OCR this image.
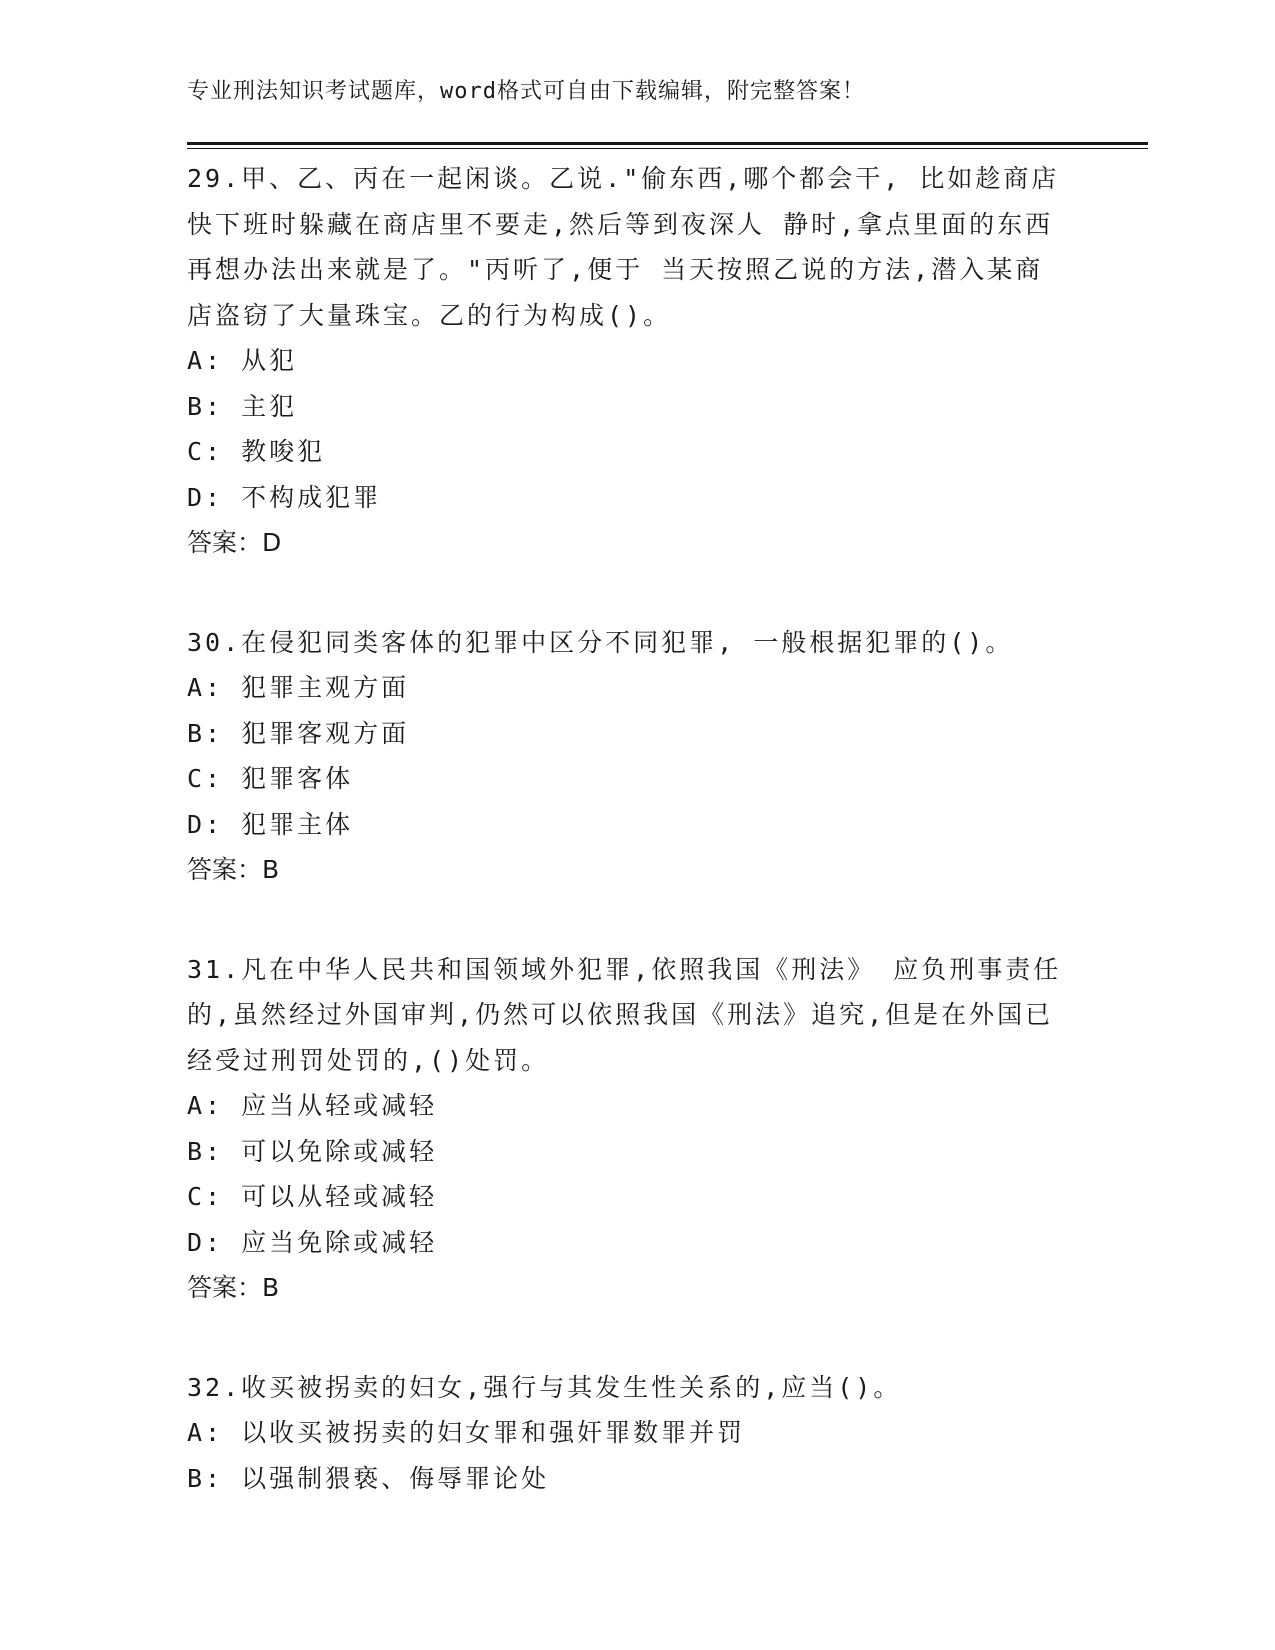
专业刑法知识考试题库，word格式可自由下载编辑，附完整答案！
29.甲、乙、丙在一起闲谈。乙说."偷东西,哪个都会干, 比如趁商店
快下班时躲藏在商店里不要走,然后等到夜深人 静时,拿点里面的东西
再想办法出来就是了。"丙听了,便于 当天按照乙说的方法,潜入某商
店盗窃了大量珠宝。乙的行为构成()。
A: 从犯
B: 主犯
C: 教唆犯
D: 不构成犯罪
答案：D
30.在侵犯同类客体的犯罪中区分不同犯罪, 一般根据犯罪的()。
A: 犯罪主观方面
B: 犯罪客观方面
C: 犯罪客体
D: 犯罪主体
答案：B
31.凡在中华人民共和国领域外犯罪,依照我国《刑法》 应负刑事责任
的,虽然经过外国审判,仍然可以依照我国《刑法》追究,但是在外国已
经受过刑罚处罚的,()处罚。
A: 应当从轻或减轻
B: 可以免除或减轻
C: 可以从轻或减轻
D: 应当免除或减轻
答案：B
32.收买被拐卖的妇女,强行与其发生性关系的,应当()。
A: 以收买被拐卖的妇女罪和强奸罪数罪并罚
B: 以强制猥亵、侮辱罪论处
